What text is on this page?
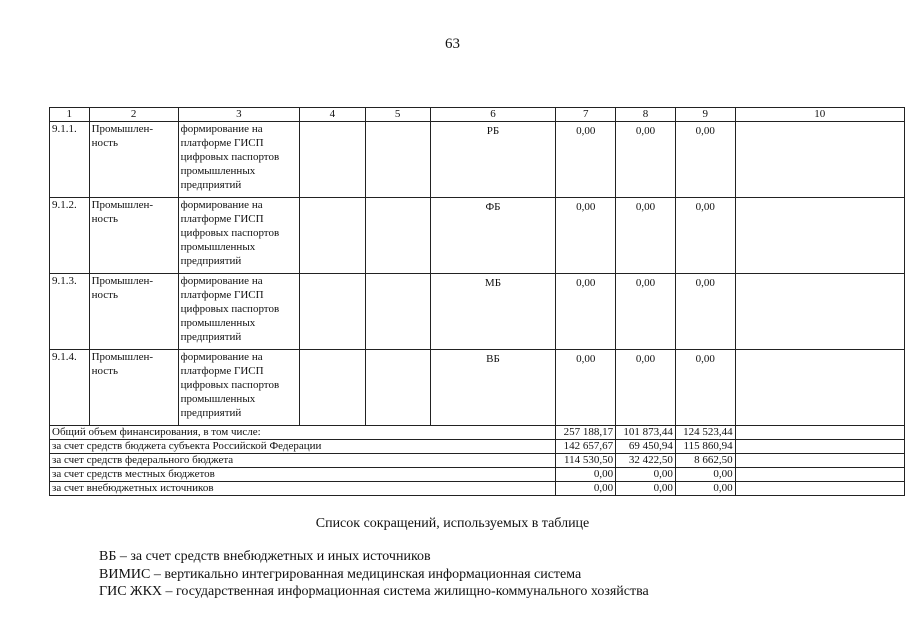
63
1	2	3	4	5	6	7	8	9	10
9.1.1.	Промышлен-ность	формирование на платформе ГИСП цифровых паспортов промышленных предприятий			РБ	0,00	0,00	0,00	
9.1.2.	Промышлен-ность	формирование на платформе ГИСП цифровых паспортов промышленных предприятий			ФБ	0,00	0,00	0,00	
9.1.3.	Промышлен-ность	формирование на платформе ГИСП цифровых паспортов промышленных предприятий			МБ	0,00	0,00	0,00	
9.1.4.	Промышлен-ность	формирование на платформе ГИСП цифровых паспортов промышленных предприятий			ВБ	0,00	0,00	0,00	
Общий объем финансирования, в том числе:						257 188,17	101 873,44	124 523,44	
за счет средств бюджета субъекта Российской Федерации						142 657,67	69 450,94	115 860,94	
за счет средств федерального бюджета						114 530,50	32 422,50	8 662,50	
за счет средств местных бюджетов						0,00	0,00	0,00	
за счет внебюджетных источников						0,00	0,00	0,00	
Список сокращений, используемых в таблице
ВБ – за счет средств внебюджетных и иных источников
ВИМИС – вертикально интегрированная медицинская информационная система
ГИС ЖКХ – государственная информационная система жилищно-коммунального хозяйства
